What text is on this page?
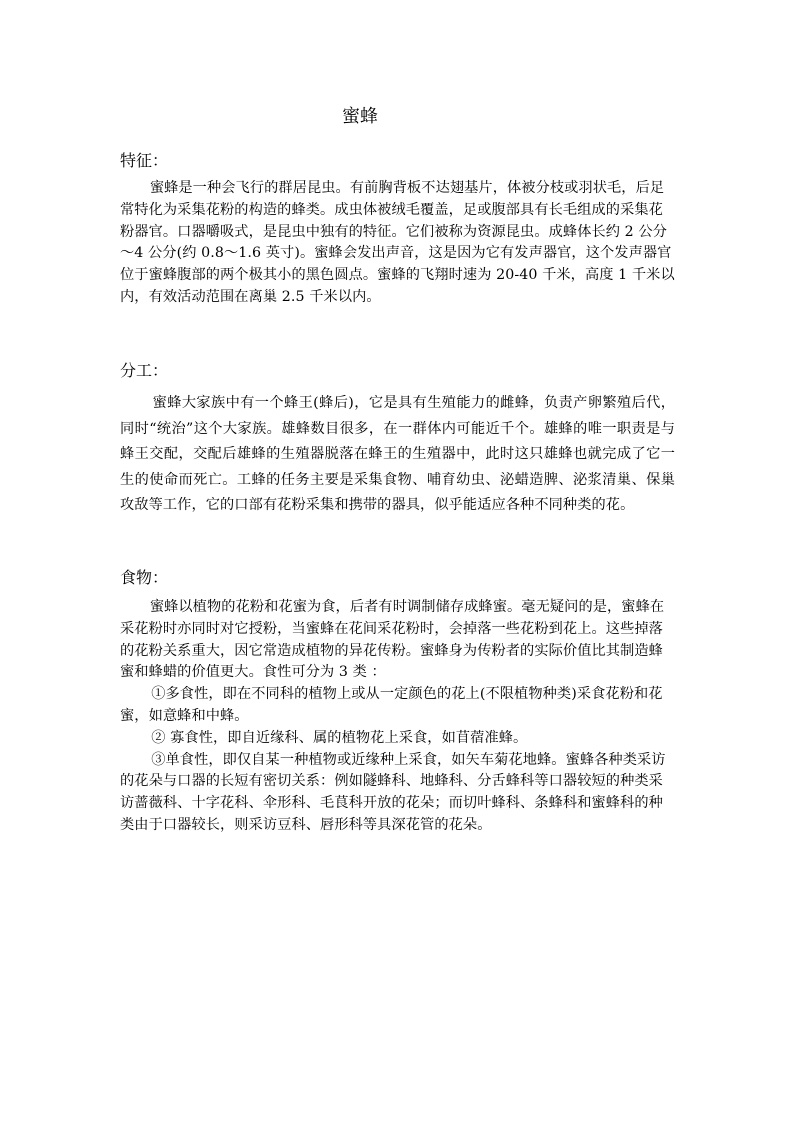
蜜蜂
特征：

蜜蜂是一种会飞行的群居昆虫。有前胸背板不达翅基片，体被分枝或羽状毛，后足常特化为采集花粉的构造的蜂类。成虫体被绒毛覆盖，足或腹部具有长毛组成的采集花粉器官。口器嚼吸式，是昆虫中独有的特征。它们被称为资源昆虫。成蜂体长约 2 公分～4 公分(约 0.8～1.6 英寸)。蜜蜂会发出声音，这是因为它有发声器官，这个发声器官位于蜜蜂腹部的两个极其小的黑色圆点。蜜蜂的飞翔时速为 20-40 千米，高度 1 千米以内，有效活动范围在离巢 2.5 千米以内。

分工：

蜜蜂大家族中有一个蜂王(蜂后)，它是具有生殖能力的雌蜂，负责产卵繁殖后代，同时“统治”这个大家族。雄蜂数目很多，在一群体内可能近千个。雄蜂的唯一职责是与蜂王交配，交配后雄蜂的生殖器脱落在蜂王的生殖器中，此时这只雄蜂也就完成了它一生的使命而死亡。工蜂的任务主要是采集食物、哺育幼虫、泌蜡造脾、泌浆清巢、保巢攻敌等工作，它的口部有花粉采集和携带的器具，似乎能适应各种不同种类的花。

食物：

蜜蜂以植物的花粉和花蜜为食，后者有时调制储存成蜂蜜。毫无疑问的是，蜜蜂在采花粉时亦同时对它授粉，当蜜蜂在花间采花粉时，会掉落一些花粉到花上。这些掉落的花粉关系重大，因它常造成植物的异花传粉。蜜蜂身为传粉者的实际价值比其制造蜂蜜和蜂蜡的价值更大。食性可分为 3 类 ：

①多食性，即在不同科的植物上或从一定颜色的花上(不限植物种类)采食花粉和花蜜，如意蜂和中蜂。

② 寡食性，即自近缘科、属的植物花上采食，如苜蓿准蜂。

③单食性，即仅自某一种植物或近缘种上采食，如矢车菊花地蜂。蜜蜂各种类采访的花朵与口器的长短有密切关系：例如隧蜂科、地蜂科、分舌蜂科等口器较短的种类采访蔷薇科、十字花科、伞形科、毛茛科开放的花朵；而切叶蜂科、条蜂科和蜜蜂科的种类由于口器较长，则采访豆科、唇形科等具深花管的花朵。
